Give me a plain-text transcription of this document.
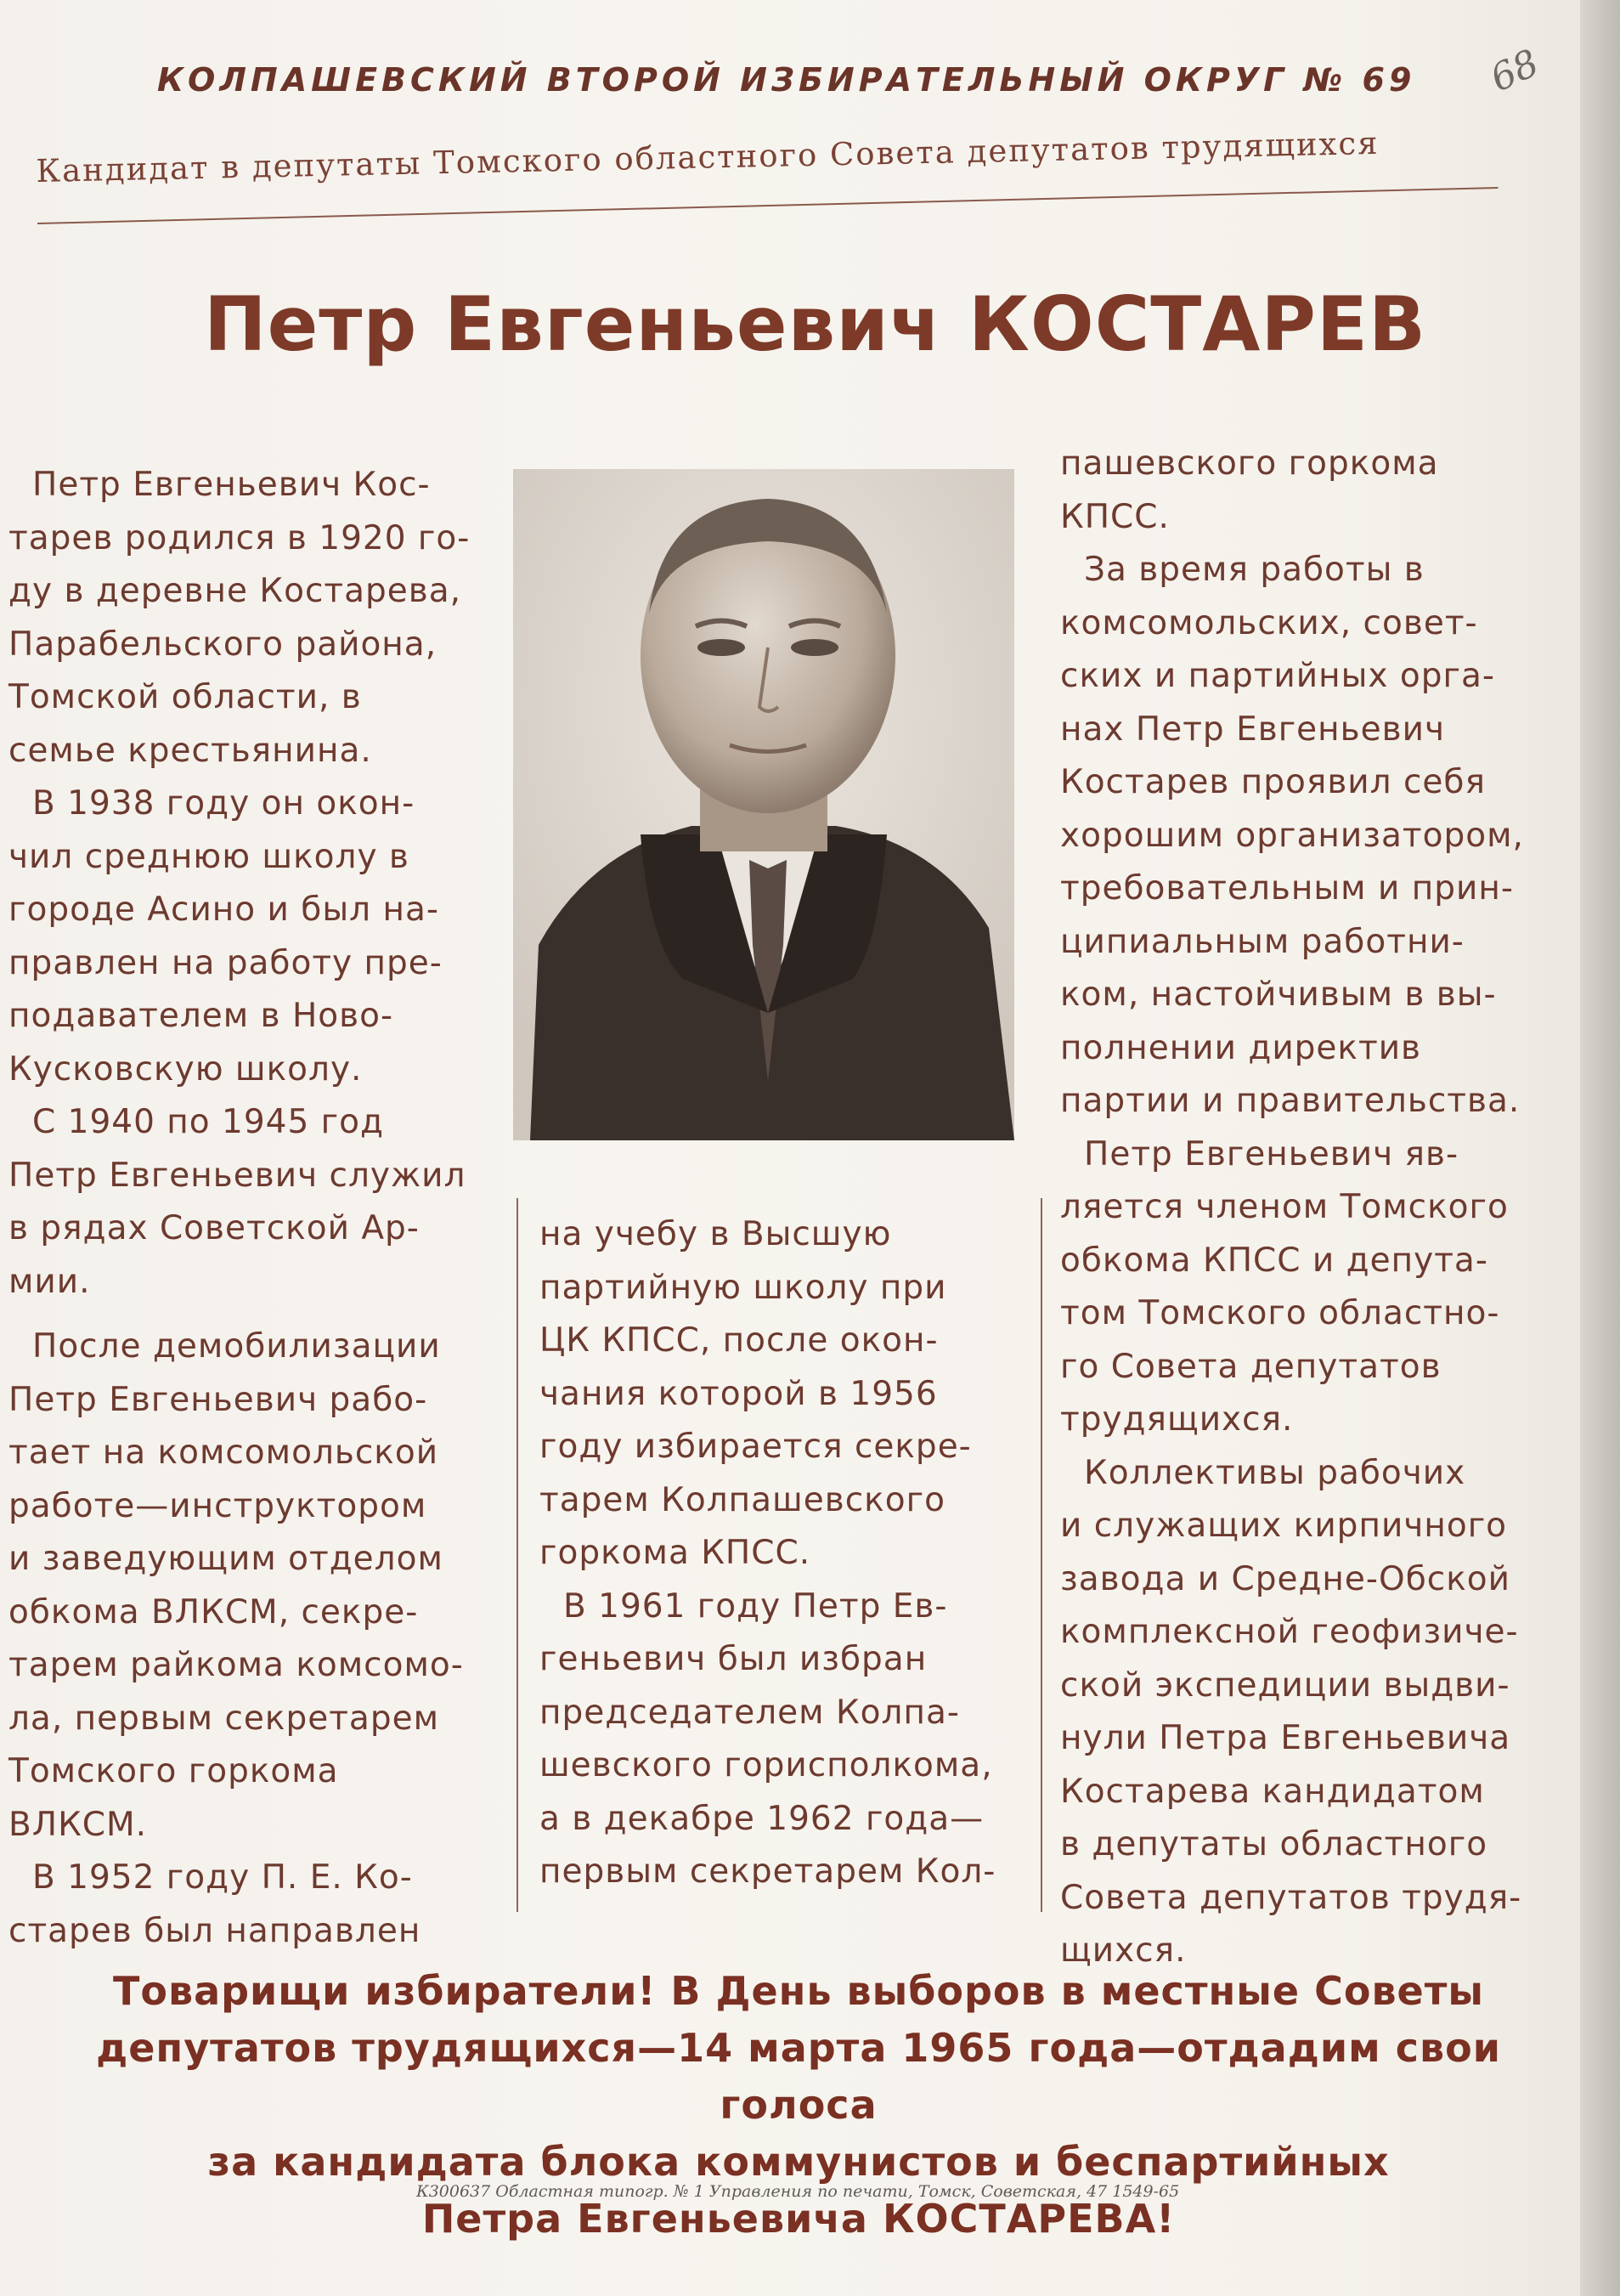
КОЛПАШЕВСКИЙ ВТОРОЙ ИЗБИРАТЕЛЬНЫЙ ОКРУГ № 69 68
Кандидат в депутаты Томского областного Совета депутатов трудящихся
Петр Евгеньевич КОСТАРЕВ
Петр Евгеньевич Кос-
тарев родился в 1920 го-
ду в деревне Костарева,
Парабельского района,
Томской области, в
семье крестьянина.
В 1938 году он окон-
чил среднюю школу в
городе Асино и был на-
правлен на работу пре-
подавателем в Ново-
Кусковскую школу.
С 1940 по 1945 год
Петр Евгеньевич служил
в рядах Советской Ар-
мии.
После демобилизации
Петр Евгеньевич рабо-
тает на комсомольской
работе—инструктором
и заведующим отделом
обкома ВЛКСМ, секре-
тарем райкома комсомо-
ла, первым секретарем
Томского горкома
ВЛКСМ.
В 1952 году П. Е. Ко-
старев был направлен
на учебу в Высшую
партийную школу при
ЦК КПСС, после окон-
чания которой в 1956
году избирается секре-
тарем Колпашевского
горкома КПСС.
В 1961 году Петр Ев-
геньевич был избран
председателем Колпа-
шевского горисполкома,
а в декабре 1962 года—
первым секретарем Кол-
пашевского горкома
КПСС.
За время работы в
комсомольских, совет-
ских и партийных орга-
нах Петр Евгеньевич
Костарев проявил себя
хорошим организатором,
требовательным и прин-
ципиальным работни-
ком, настойчивым в вы-
полнении директив
партии и правительства.
Петр Евгеньевич яв-
ляется членом Томского
обкома КПСС и депута-
том Томского областно-
го Совета депутатов
трудящихся.
Коллективы рабочих
и служащих кирпичного
завода и Средне-Обской
комплексной геофизиче-
ской экспедиции выдви-
нули Петра Евгеньевича
Костарева кандидатом
в депутаты областного
Совета депутатов трудя-
щихся.
Товарищи избиратели! В День выборов в местные Советы
депутатов трудящихся—14 марта 1965 года—отдадим свои голоса
за кандидата блока коммунистов и беспартийных
Петра Евгеньевича КОСТАРЕВА!
К300637 Областная типогр. № 1 Управления по печати, Томск, Советская, 47 1549-65
